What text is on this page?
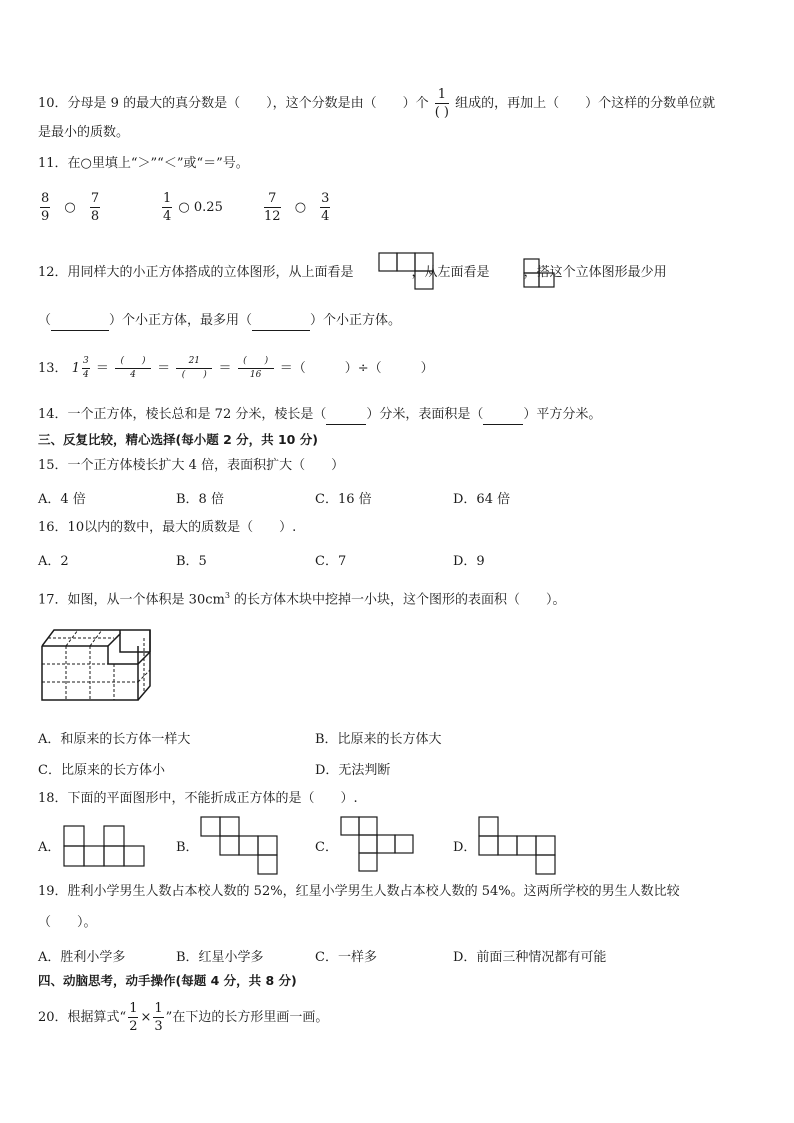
10．分母是 9 的最大的真分数是（　　），这个分数是由（　　）个 $\frac{1}{( )}$ 组成的，再加上（　　）个这样的分数单位就
是最小的质数。
11．在○里填上“＞”“＜”或“＝”号。
$\frac{8}{9}$ ○ $\frac{7}{8}$	$\frac{1}{4}$ ○ 0.25	$\frac{7}{12}$ ○ $\frac{3}{4}$
12．用同样大的小正方体搭成的立体图形，从上面看是	，从左面看是	，搭这个立体图形最少用
（	）个小正方体，最多用（	）个小正方体。
13． $1 \frac{3}{4} = \frac{( )}{4} = \frac{21}{( )} = \frac{( )}{16}$ ＝（　　　）÷（　　　）
14．一个正方体，棱长总和是 72 分米，棱长是（	）分米，表面积是（	）平方分米。
三、反复比较，精心选择(每小题 2 分，共 10 分)
15．一个正方体棱长扩大 4 倍，表面积扩大（　　）
A．4 倍	B．8 倍	C．16 倍	D．64 倍
16．10以内的数中，最大的质数是（　　）.
A．2	B．5	C．7	D．9
17．如图，从一个体积是 $30cm^3$ 的长方体木块中挖掉一小块，这个图形的表面积（　　）。
A．和原来的长方体一样大	B．比原来的长方体大
C．比原来的长方体小	D．无法判断
18．下面的平面图形中，不能折成正方体的是（　　）.
A．	B．	C．	D．
19．胜利小学男生人数占本校人数的 52%，红星小学男生人数占本校人数的 54%。这两所学校的男生人数比较
（　　）。
A．胜利小学多	B．红星小学多	C．一样多	D．前面三种情况都有可能
四、动脑思考，动手操作(每题 4 分，共 8 分)
20．根据算式“ $\frac{1}{2} \times \frac{1}{3}$ ”在下边的长方形里画一画。
